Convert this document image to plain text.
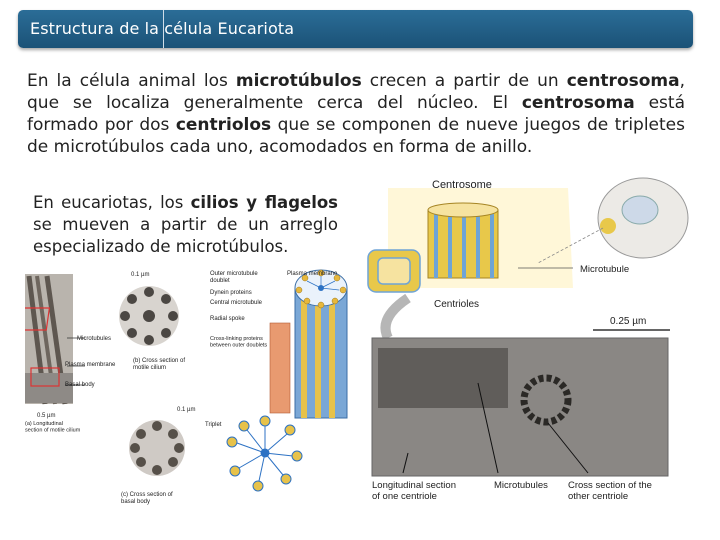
Estructura de la célula Eucariota
En la célula animal los microtúbulos crecen a partir de un centrosoma, que se localiza generalmente cerca del núcleo. El centrosoma está formado por dos centriolos que se componen de nueve juegos de tripletes de microtúbulos cada uno, acomodados en forma de anillo.
En eucariotas, los cilios y flagelos se mueven a partir de un arreglo especializado de microtúbulos.
Microtubules
Plasma membrane
Basal body
0.5 µm
(a) Longitudinal section of motile cilium
0.1 µm
(b) Cross section of motile cilium
Outer microtubule doublet
Plasma membrane
Dynein proteins
Central microtubule
Radial spoke
Cross-linking proteins between outer doublets
0.1 µm
(c) Cross section of basal body
Triplet
Centrosome
Microtubule
Centrioles
0.25 µm
Longitudinal section of one centriole
Microtubules Cross section of the other centriole
